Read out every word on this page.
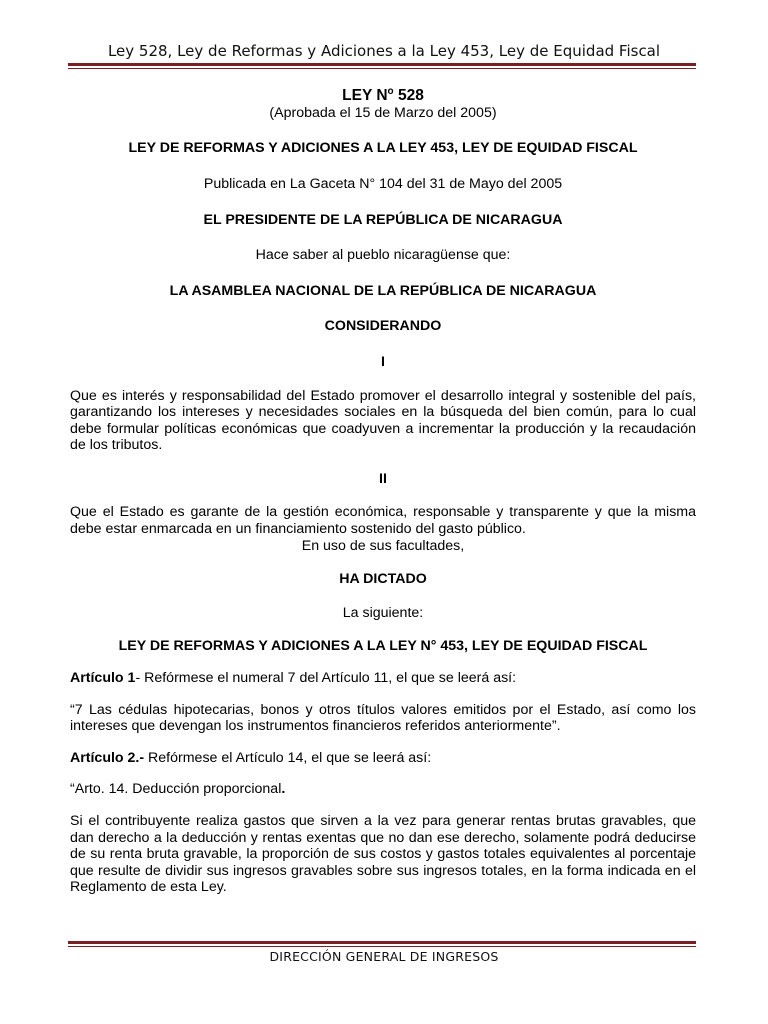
Ley 528, Ley de Reformas y Adiciones a la Ley 453, Ley de Equidad Fiscal
LEY $N^o$ 528

(Aprobada el 15 de Marzo del 2005)

LEY DE REFORMAS Y ADICIONES A LA LEY 453, LEY DE EQUIDAD FISCAL

Publicada en La Gaceta N° 104 del 31 de Mayo del 2005

EL PRESIDENTE DE LA REPÚBLICA DE NICARAGUA

Hace saber al pueblo nicaragüense que:

LA ASAMBLEA NACIONAL DE LA REPÚBLICA DE NICARAGUA

CONSIDERANDO

I

Que es interés y responsabilidad del Estado promover el desarrollo integral y sostenible del país, garantizando los intereses y necesidades sociales en la búsqueda del bien común, para lo cual debe formular políticas económicas que coadyuven a incrementar la producción y la recaudación de los tributos.

II

Que el Estado es garante de la gestión económica, responsable y transparente y que la misma debe estar enmarcada en un financiamiento sostenido del gasto público.

En uso de sus facultades,

HA DICTADO

La siguiente:

LEY DE REFORMAS Y ADICIONES A LA LEY N° 453, LEY DE EQUIDAD FISCAL

Artículo 1- Refórmese el numeral 7 del Artículo 11, el que se leerá así:

“7 Las cédulas hipotecarias, bonos y otros títulos valores emitidos por el Estado, así como los intereses que devengan los instrumentos financieros referidos anteriormente”.

Artículo 2.- Refórmese el Artículo 14, el que se leerá así:

“Arto. 14. Deducción proporcional.

Si el contribuyente realiza gastos que sirven a la vez para generar rentas brutas gravables, que dan derecho a la deducción y rentas exentas que no dan ese derecho, solamente podrá deducirse de su renta bruta gravable, la proporción de sus costos y gastos totales equivalentes al porcentaje que resulte de dividir sus ingresos gravables sobre sus ingresos totales, en la forma indicada en el Reglamento de esta Ley.

DIRECCIÓN GENERAL DE INGRESOS
